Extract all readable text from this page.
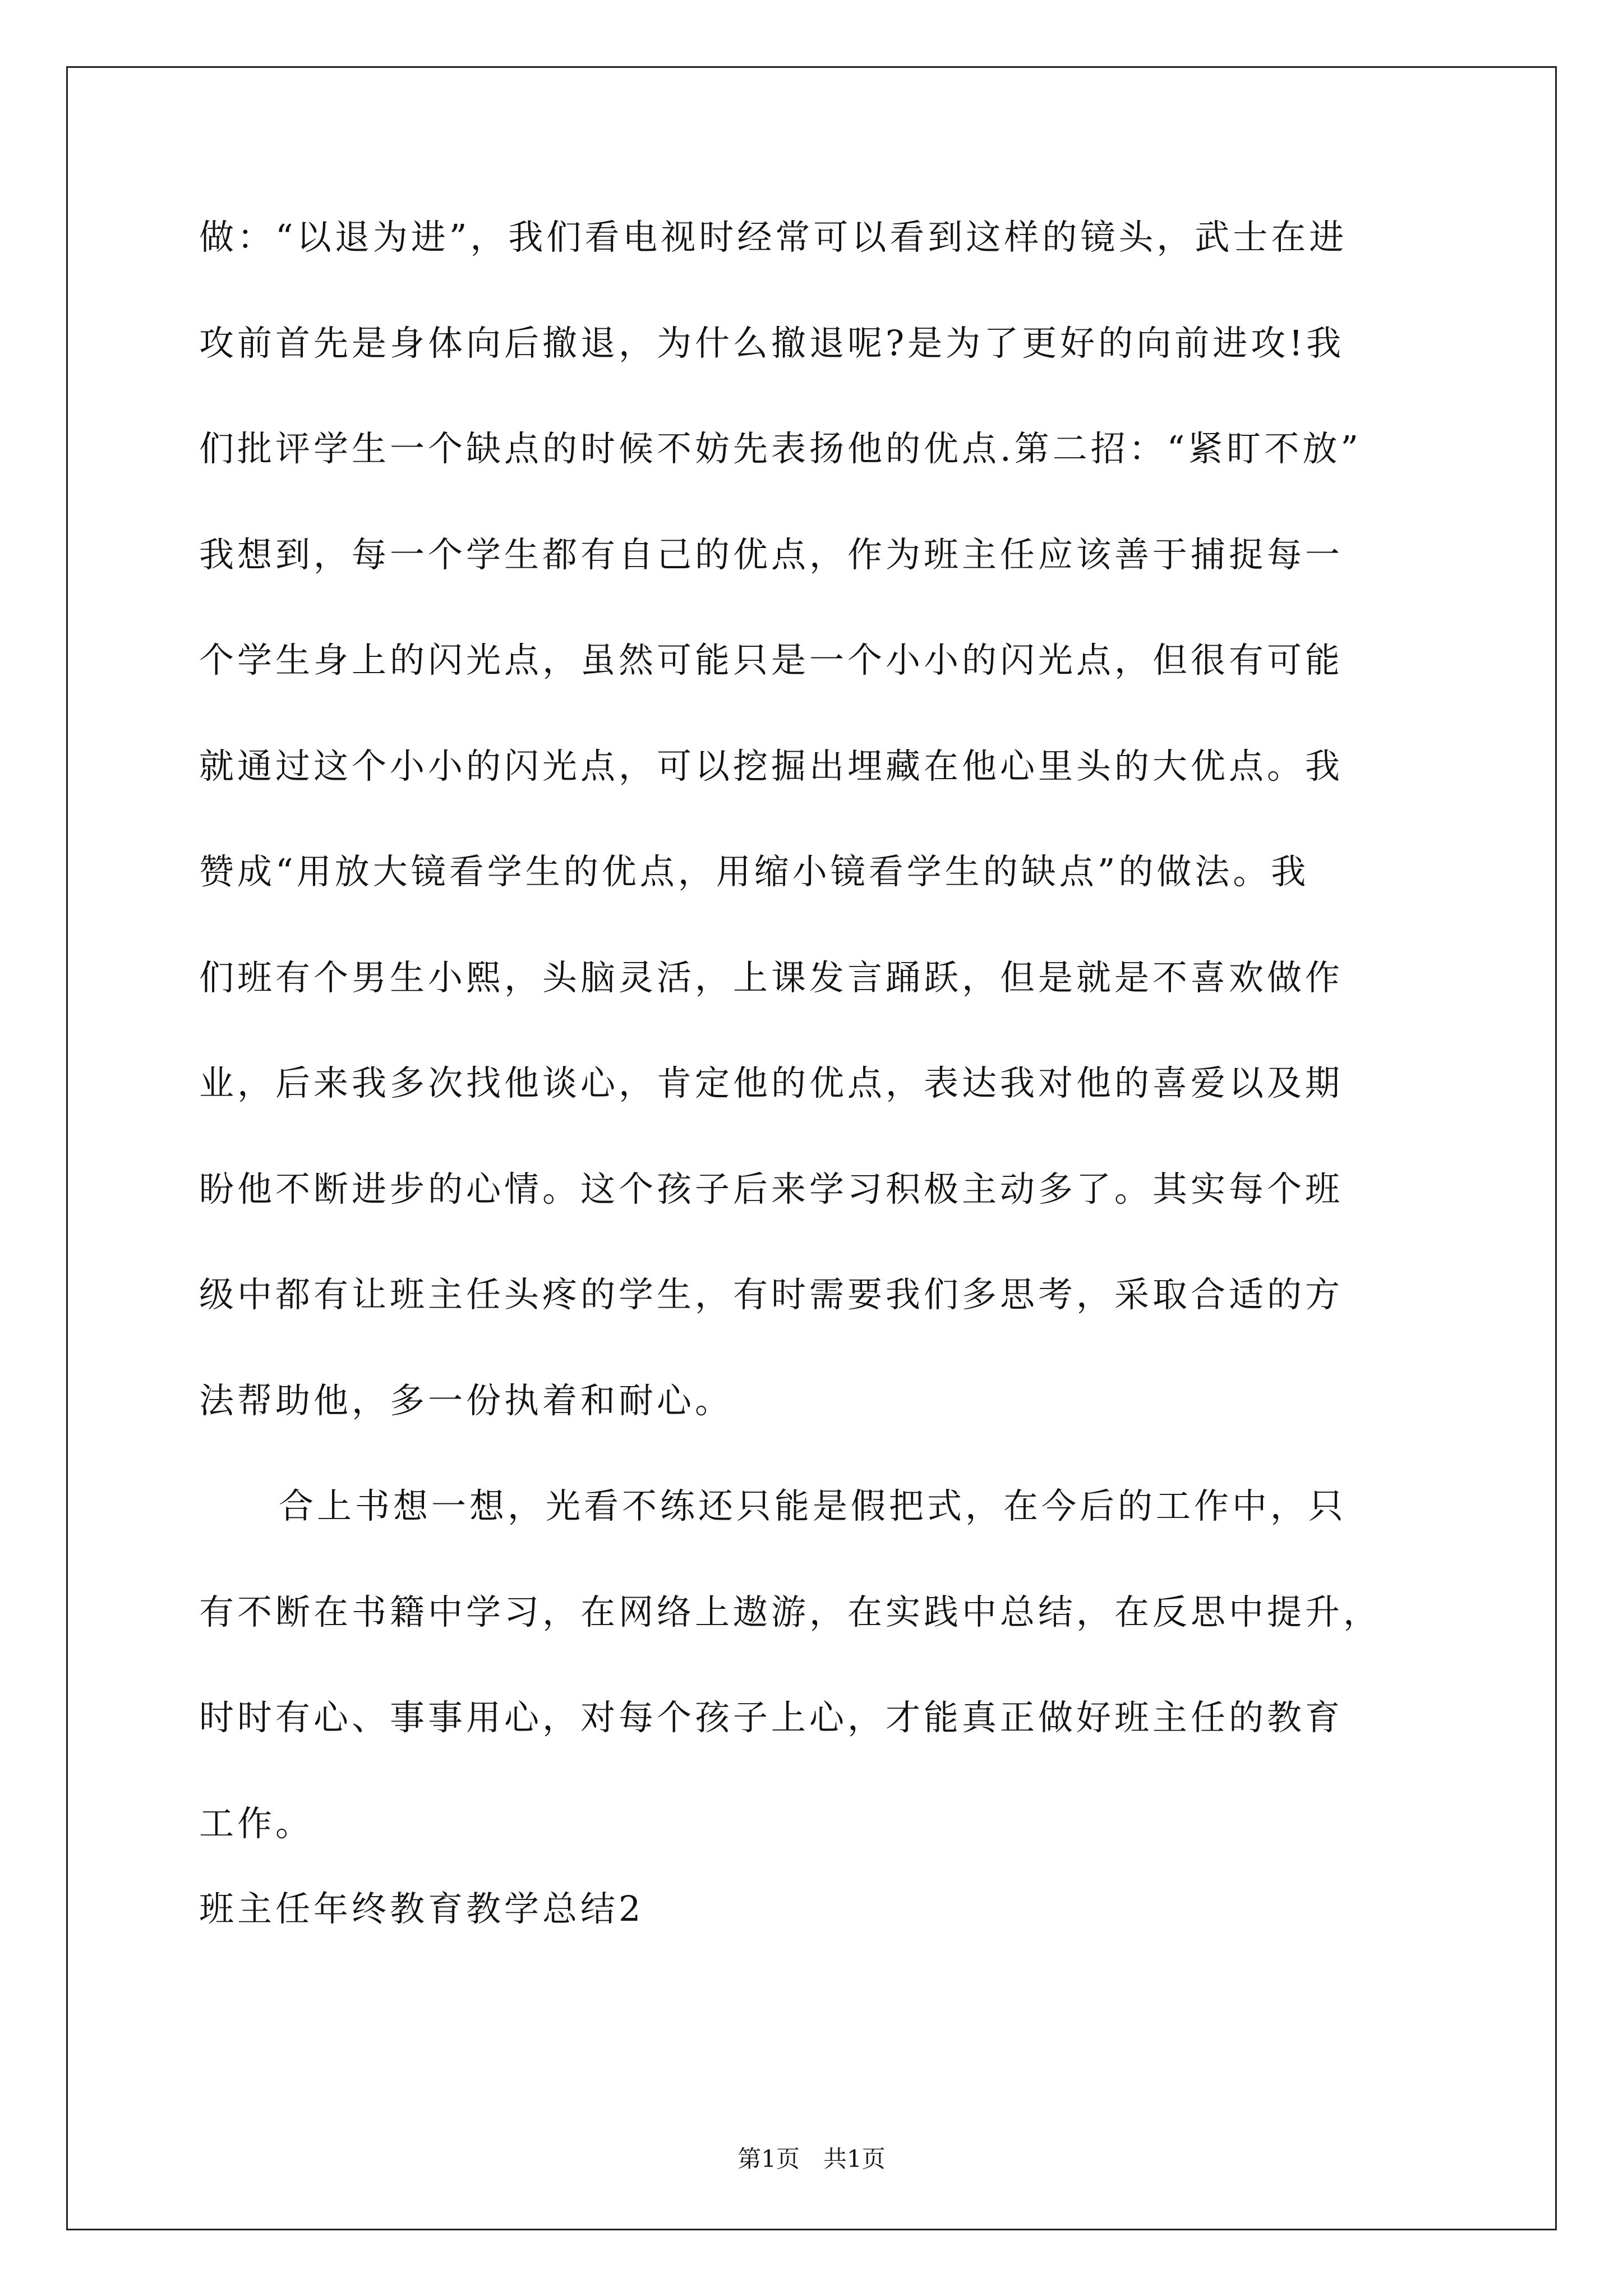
做：“以退为进”，我们看电视时经常可以看到这样的镜头，武士在进
攻前首先是身体向后撤退，为什么撤退呢?是为了更好的向前进攻!我
们批评学生一个缺点的时候不妨先表扬他的优点.第二招：“紧盯不放”
我想到，每一个学生都有自己的优点，作为班主任应该善于捕捉每一
个学生身上的闪光点，虽然可能只是一个小小的闪光点，但很有可能
就通过这个小小的闪光点，可以挖掘出埋藏在他心里头的大优点。我
赞成“用放大镜看学生的优点，用缩小镜看学生的缺点”的做法。我
们班有个男生小熙，头脑灵活，上课发言踊跃，但是就是不喜欢做作
业，后来我多次找他谈心，肯定他的优点，表达我对他的喜爱以及期
盼他不断进步的心情。这个孩子后来学习积极主动多了。其实每个班
级中都有让班主任头疼的学生，有时需要我们多思考，采取合适的方
法帮助他，多一份执着和耐心。
合上书想一想，光看不练还只能是假把式，在今后的工作中，只
有不断在书籍中学习，在网络上遨游，在实践中总结，在反思中提升，
时时有心、事事用心，对每个孩子上心，才能真正做好班主任的教育
工作。
班主任年终教育教学总结2
第1页　共1页
